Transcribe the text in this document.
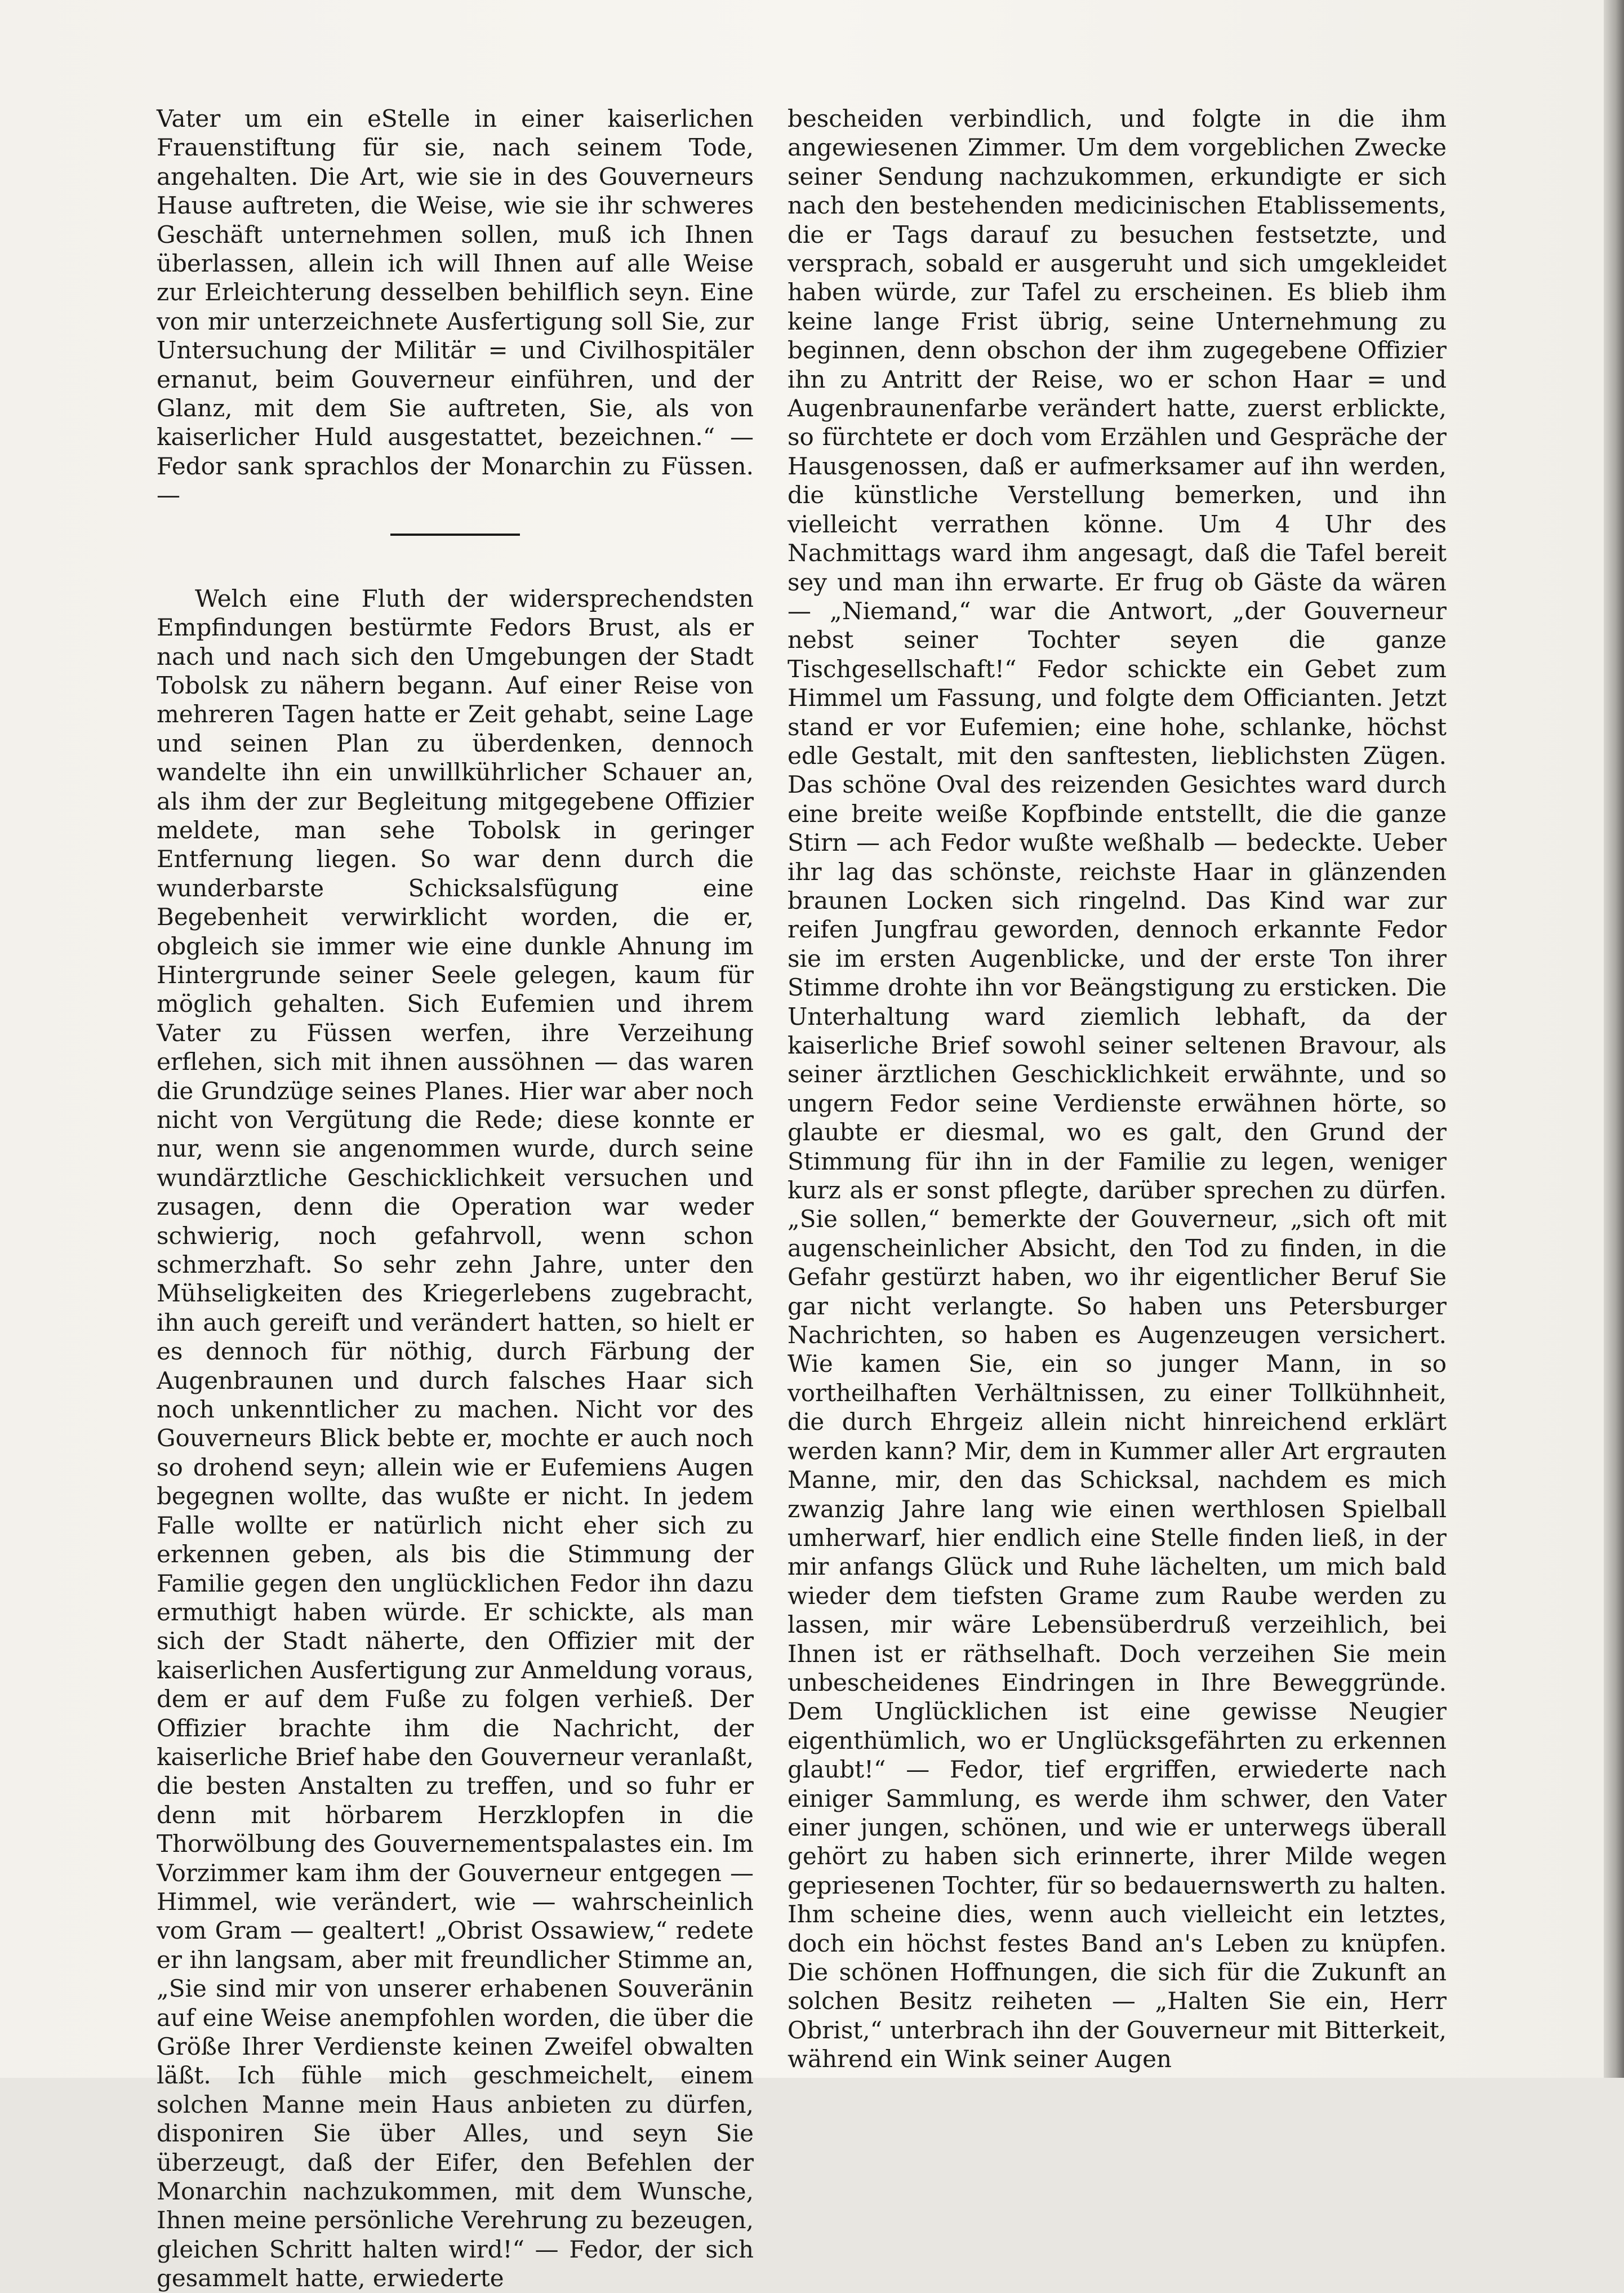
Vater um ein eStelle in einer kaiserlichen Frauenstiftung für sie, nach seinem Tode, angehalten. Die Art, wie sie in des Gouverneurs Hause auftreten, die Weise, wie sie ihr schweres Geschäft unternehmen sollen, muß ich Ihnen überlassen, allein ich will Ihnen auf alle Weise zur Erleichterung desselben behilflich seyn. Eine von mir unterzeichnete Ausfertigung soll Sie, zur Untersuchung der Militär = und Civilhospitäler ernanut, beim Gouverneur einführen, und der Glanz, mit dem Sie auftreten, Sie, als von kaiserlicher Huld ausgestattet, bezeichnen.“ — Fedor sank sprachlos der Monarchin zu Füssen. —

Welch eine Fluth der widersprechendsten Empfindungen bestürmte Fedors Brust, als er nach und nach sich den Umgebungen der Stadt Tobolsk zu nähern begann. Auf einer Reise von mehreren Tagen hatte er Zeit gehabt, seine Lage und seinen Plan zu überdenken, dennoch wandelte ihn ein unwillkührlicher Schauer an, als ihm der zur Begleitung mitgegebene Offizier meldete, man sehe Tobolsk in geringer Entfernung liegen. So war denn durch die wunderbarste Schicksalsfügung eine Begebenheit verwirklicht worden, die er, obgleich sie immer wie eine dunkle Ahnung im Hintergrunde seiner Seele gelegen, kaum für möglich gehalten. Sich Eufemien und ihrem Vater zu Füssen werfen, ihre Verzeihung erflehen, sich mit ihnen aussöhnen — das waren die Grundzüge seines Planes. Hier war aber noch nicht von Vergütung die Rede; diese konnte er nur, wenn sie angenommen wurde, durch seine wundärztliche Geschicklichkeit versuchen und zusagen, denn die Operation war weder schwierig, noch gefahrvoll, wenn schon schmerzhaft. So sehr zehn Jahre, unter den Mühseligkeiten des Kriegerlebens zugebracht, ihn auch gereift und verändert hatten, so hielt er es dennoch für nöthig, durch Färbung der Augenbraunen und durch falsches Haar sich noch unkenntlicher zu machen. Nicht vor des Gouverneurs Blick bebte er, mochte er auch noch so drohend seyn; allein wie er Eufemiens Augen begegnen wollte, das wußte er nicht. In jedem Falle wollte er natürlich nicht eher sich zu erkennen geben, als bis die Stimmung der Familie gegen den unglücklichen Fedor ihn dazu ermuthigt haben würde. Er schickte, als man sich der Stadt näherte, den Offizier mit der kaiserlichen Ausfertigung zur Anmeldung voraus, dem er auf dem Fuße zu folgen verhieß. Der Offizier brachte ihm die Nachricht, der kaiserliche Brief habe den Gouverneur veranlaßt, die besten Anstalten zu treffen, und so fuhr er denn mit hörbarem Herzklopfen in die Thorwölbung des Gouvernementspalastes ein. Im Vorzimmer kam ihm der Gouverneur entgegen — Himmel, wie verändert, wie — wahrscheinlich vom Gram — gealtert! „Obrist Ossawiew,“ redete er ihn langsam, aber mit freundlicher Stimme an, „Sie sind mir von unserer erhabenen Souveränin auf eine Weise anempfohlen worden, die über die Größe Ihrer Verdienste keinen Zweifel obwalten läßt. Ich fühle mich geschmeichelt, einem solchen Manne mein Haus anbieten zu dürfen, disponiren Sie über Alles, und seyn Sie überzeugt, daß der Eifer, den Befehlen der Monarchin nachzukommen, mit dem Wunsche, Ihnen meine persönliche Verehrung zu bezeugen, gleichen Schritt halten wird!“ — Fedor, der sich gesammelt hatte, erwiederte

bescheiden verbindlich, und folgte in die ihm angewiesenen Zimmer. Um dem vorgeblichen Zwecke seiner Sendung nachzukommen, erkundigte er sich nach den bestehenden medicinischen Etablissements, die er Tags darauf zu besuchen festsetzte, und versprach, sobald er ausgeruht und sich umgekleidet haben würde, zur Tafel zu erscheinen. Es blieb ihm keine lange Frist übrig, seine Unternehmung zu beginnen, denn obschon der ihm zugegebene Offizier ihn zu Antritt der Reise, wo er schon Haar = und Augenbraunenfarbe verändert hatte, zuerst erblickte, so fürchtete er doch vom Erzählen und Gespräche der Hausgenossen, daß er aufmerksamer auf ihn werden, die künstliche Verstellung bemerken, und ihn vielleicht verrathen könne. Um 4 Uhr des Nachmittags ward ihm angesagt, daß die Tafel bereit sey und man ihn erwarte. Er frug ob Gäste da wären — „Niemand,“ war die Antwort, „der Gouverneur nebst seiner Tochter seyen die ganze Tischgesellschaft!“ Fedor schickte ein Gebet zum Himmel um Fassung, und folgte dem Officianten. Jetzt stand er vor Eufemien; eine hohe, schlanke, höchst edle Gestalt, mit den sanftesten, lieblichsten Zügen. Das schöne Oval des reizenden Gesichtes ward durch eine breite weiße Kopfbinde entstellt, die die ganze Stirn — ach Fedor wußte weßhalb — bedeckte. Ueber ihr lag das schönste, reichste Haar in glänzenden braunen Locken sich ringelnd. Das Kind war zur reifen Jungfrau geworden, dennoch erkannte Fedor sie im ersten Augenblicke, und der erste Ton ihrer Stimme drohte ihn vor Beängstigung zu ersticken. Die Unterhaltung ward ziemlich lebhaft, da der kaiserliche Brief sowohl seiner seltenen Bravour, als seiner ärztlichen Geschicklichkeit erwähnte, und so ungern Fedor seine Verdienste erwähnen hörte, so glaubte er diesmal, wo es galt, den Grund der Stimmung für ihn in der Familie zu legen, weniger kurz als er sonst pflegte, darüber sprechen zu dürfen. „Sie sollen,“ bemerkte der Gouverneur, „sich oft mit augenscheinlicher Absicht, den Tod zu finden, in die Gefahr gestürzt haben, wo ihr eigentlicher Beruf Sie gar nicht verlangte. So haben uns Petersburger Nachrichten, so haben es Augenzeugen versichert. Wie kamen Sie, ein so junger Mann, in so vortheilhaften Verhältnissen, zu einer Tollkühnheit, die durch Ehrgeiz allein nicht hinreichend erklärt werden kann? Mir, dem in Kummer aller Art ergrauten Manne, mir, den das Schicksal, nachdem es mich zwanzig Jahre lang wie einen werthlosen Spielball umherwarf, hier endlich eine Stelle finden ließ, in der mir anfangs Glück und Ruhe lächelten, um mich bald wieder dem tiefsten Grame zum Raube werden zu lassen, mir wäre Lebensüberdruß verzeihlich, bei Ihnen ist er räthselhaft. Doch verzeihen Sie mein unbescheidenes Eindringen in Ihre Beweggründe. Dem Unglücklichen ist eine gewisse Neugier eigenthümlich, wo er Unglücksgefährten zu erkennen glaubt!“ — Fedor, tief ergriffen, erwiederte nach einiger Sammlung, es werde ihm schwer, den Vater einer jungen, schönen, und wie er unterwegs überall gehört zu haben sich erinnerte, ihrer Milde wegen gepriesenen Tochter, für so bedauernswerth zu halten. Ihm scheine dies, wenn auch vielleicht ein letztes, doch ein höchst festes Band an's Leben zu knüpfen. Die schönen Hoffnungen, die sich für die Zukunft an solchen Besitz reiheten — „Halten Sie ein, Herr Obrist,“ unterbrach ihn der Gouverneur mit Bitterkeit, während ein Wink seiner Augen
